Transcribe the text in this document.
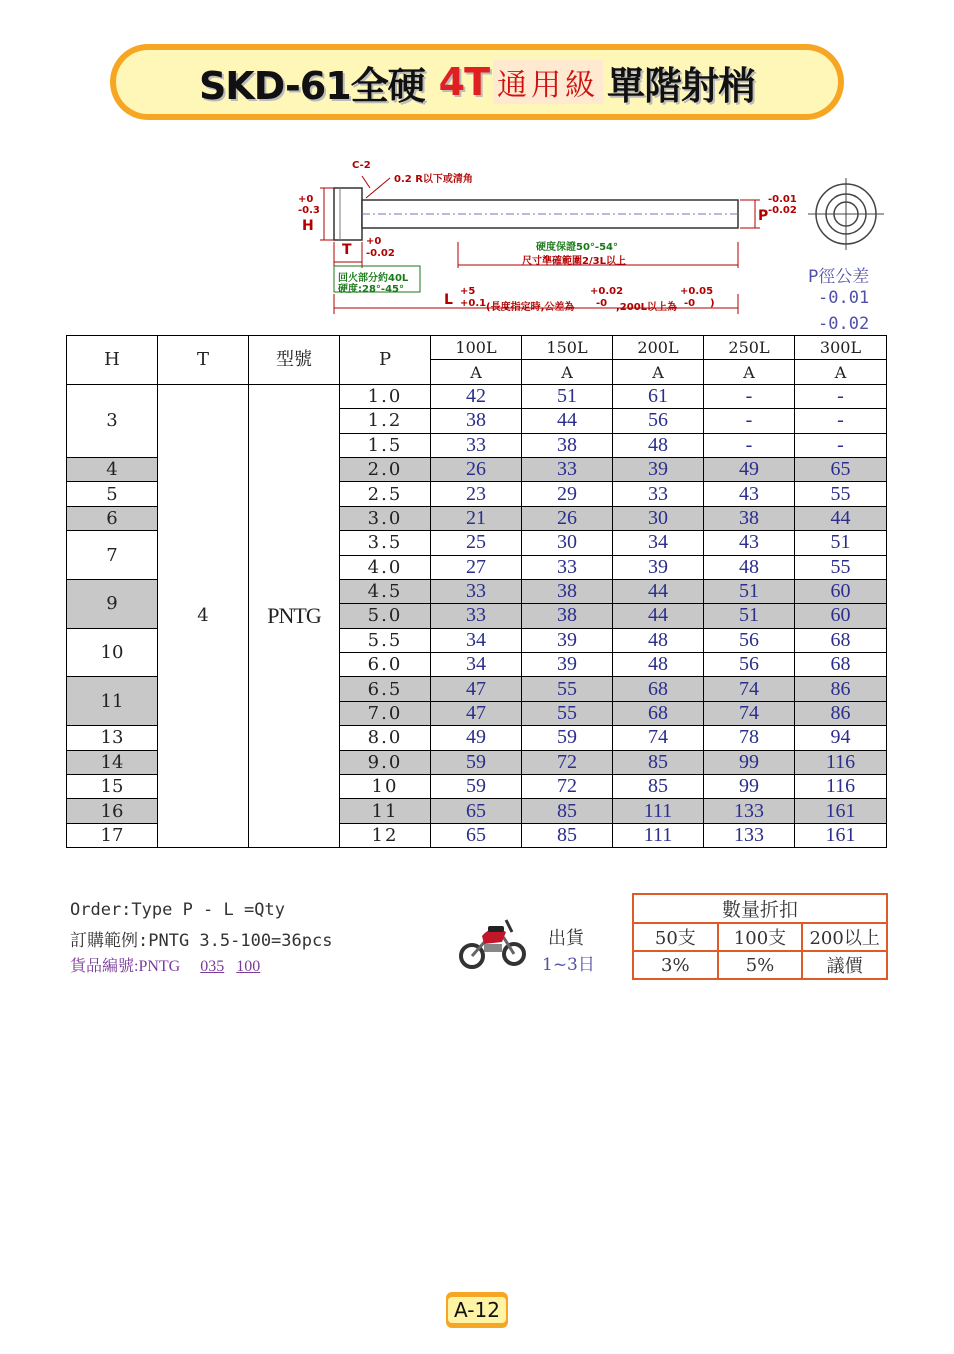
SKD-61全硬 4T 通用級 單階射梢
C-2
0.2 R以下或清角
+0
-0.3
H
T
+0
-0.02
硬度保證50°-54°
尺寸準確範圍2/3L以上
回火部分約40L
硬度:28°-45°
-0.01
-0.02
P
L
+5
+0.1 (長度指定時,公差為
+0.02
-0 ,200L以上為
+0.05
-0 )
P徑公差
-0.01
-0.02
H	T	型號	P	100L	150L	200L	250L	300L
				A	A	A	A	A
3	4	PNTG	1.0	42	51	61	-	-
			1.2	38	44	56	-	-
			1.5	33	38	48	-	-
4			2.0	26	33	39	49	65
5			2.5	23	29	33	43	55
6			3.0	21	26	30	38	44
7			3.5	25	30	34	43	51
			4.0	27	33	39	48	55
9			4.5	33	38	44	51	60
			5.0	33	38	44	51	60
10			5.5	34	39	48	56	68
			6.0	34	39	48	56	68
11			6.5	47	55	68	74	86
			7.0	47	55	68	74	86
13			8.0	49	59	74	78	94
14			9.0	59	72	85	99	116
15			10	59	72	85	99	116
16			11	65	85	111	133	161
17			12	65	85	111	133	161
Order:Type P - L =Qty
訂購範例:PNTG 3.5-100=36pcs
貨品編號:PNTG 035 100
出貨
1~3日
數量折扣		
50支	100支	200以上
3%	5%	議價
A-12
